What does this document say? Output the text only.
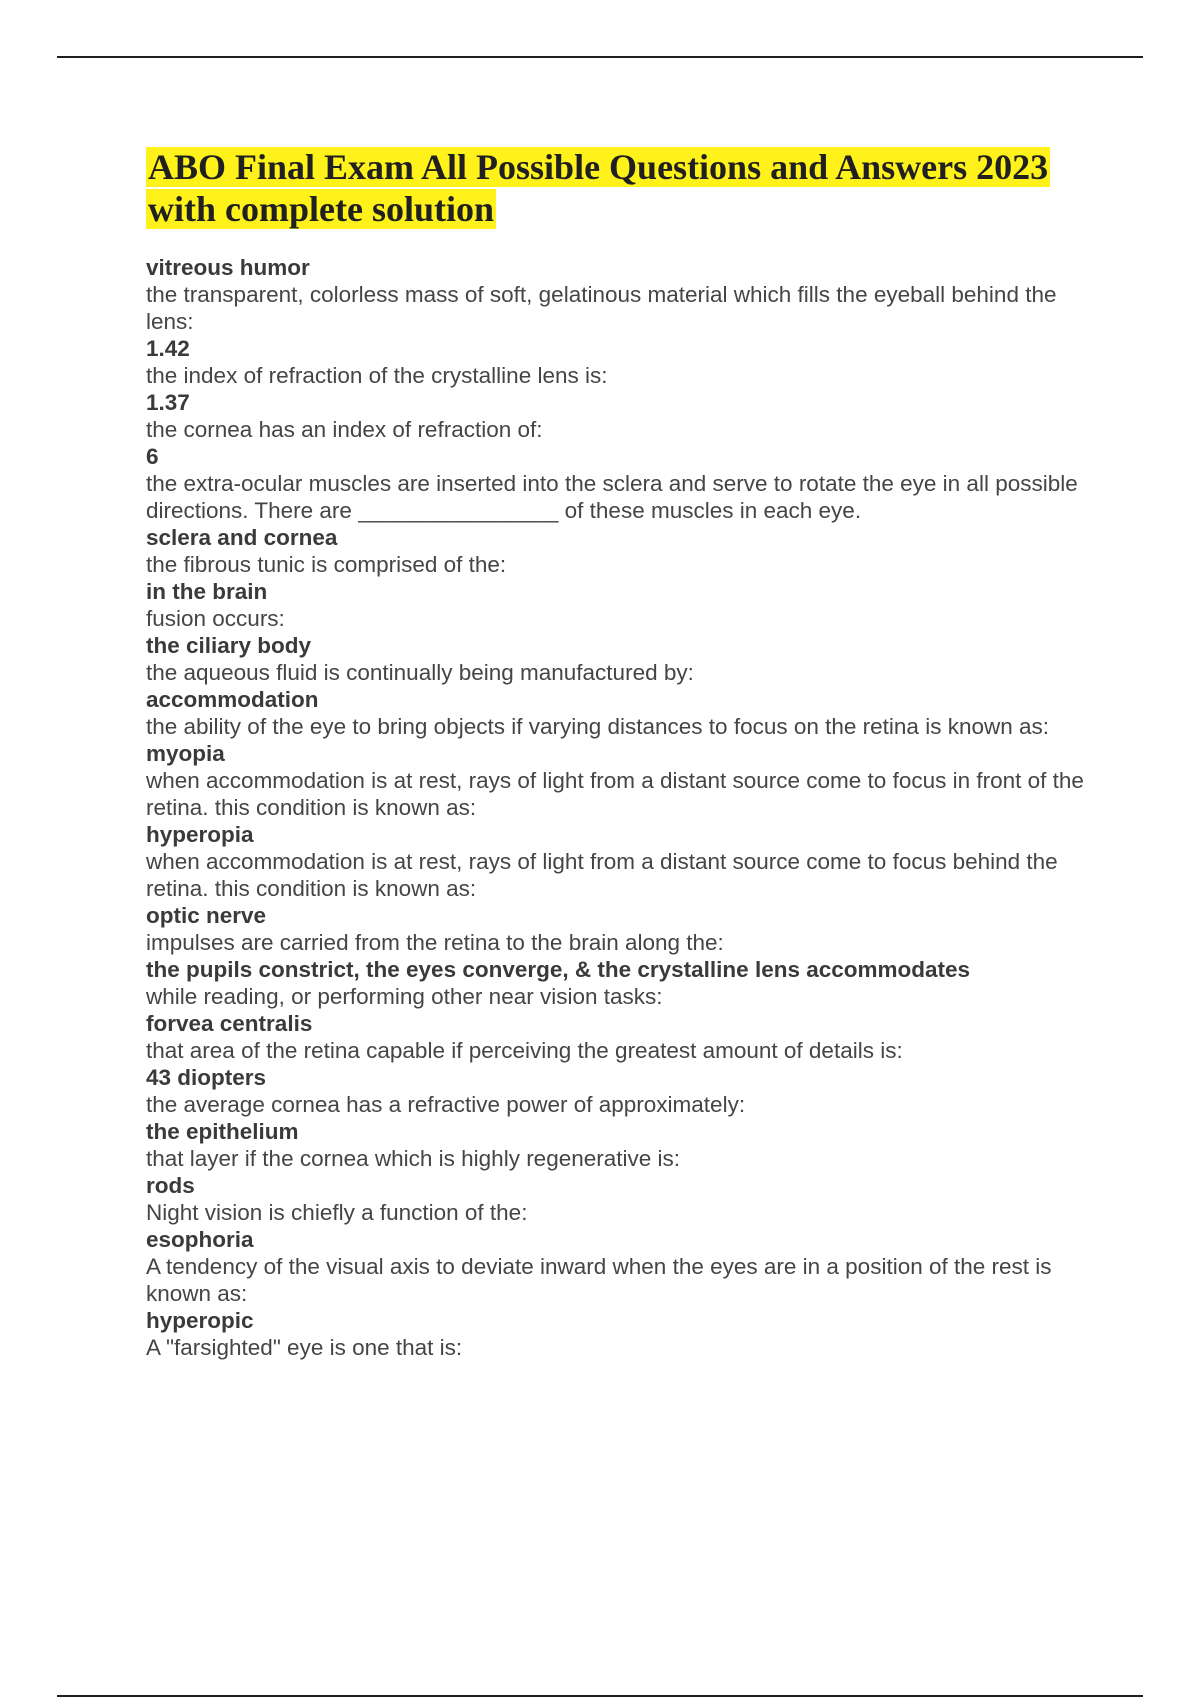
ABO Final Exam All Possible Questions and Answers 2023 with complete solution

vitreous humor

the transparent, colorless mass of soft, gelatinous material which fills the eyeball behind the lens:

1.42

the index of refraction of the crystalline lens is:

1.37

the cornea has an index of refraction of:

6

the extra-ocular muscles are inserted into the sclera and serve to rotate the eye in all possible directions. There are ________________ of these muscles in each eye.

sclera and cornea

the fibrous tunic is comprised of the:

in the brain

fusion occurs:

the ciliary body

the aqueous fluid is continually being manufactured by:

accommodation

the ability of the eye to bring objects if varying distances to focus on the retina is known as:

myopia

when accommodation is at rest, rays of light from a distant source come to focus in front of the retina. this condition is known as:

hyperopia

when accommodation is at rest, rays of light from a distant source come to focus behind the retina. this condition is known as:

optic nerve

impulses are carried from the retina to the brain along the:

the pupils constrict, the eyes converge, & the crystalline lens accommodates

while reading, or performing other near vision tasks:

forvea centralis

that area of the retina capable if perceiving the greatest amount of details is:

43 diopters

the average cornea has a refractive power of approximately:

the epithelium

that layer if the cornea which is highly regenerative is:

rods

Night vision is chiefly a function of the:

esophoria

A tendency of the visual axis to deviate inward when the eyes are in a position of the rest is known as:

hyperopic

A "farsighted" eye is one that is:
